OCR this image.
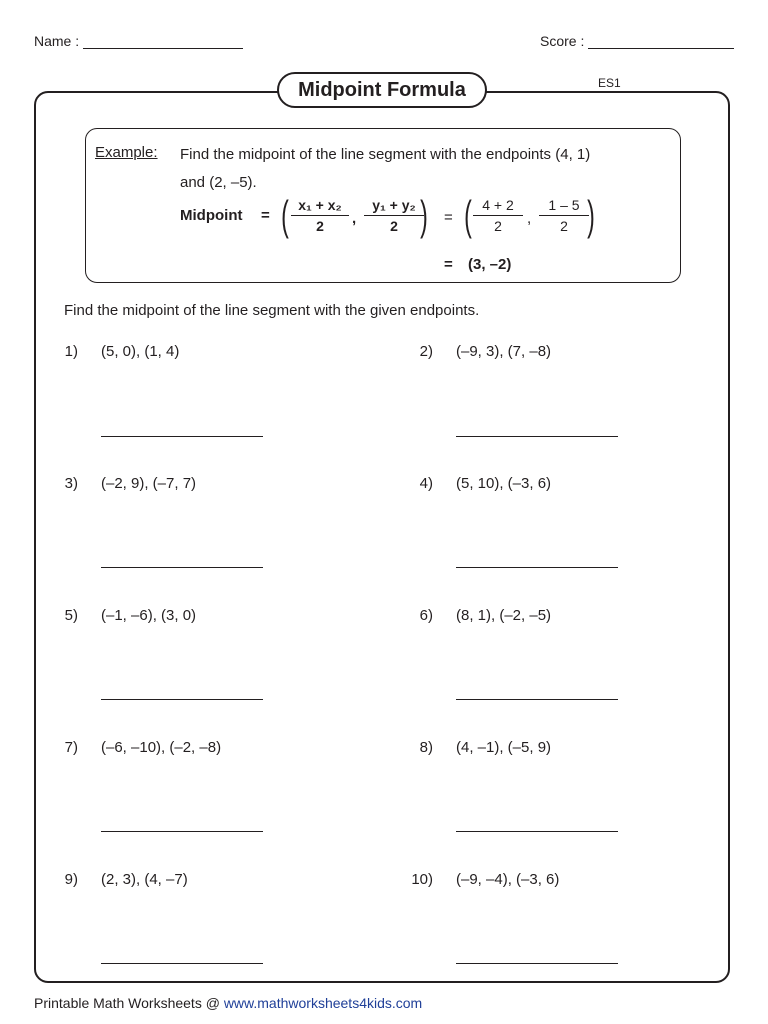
Name :	Score :
Midpoint Formula	ES1
Example: Find the midpoint of the line segment with the endpoints (4, 1)
and (2, –5).
Midpoint = ( x₁ + x₂
2	,
y₁ + y₂
2 ) = ( 4 + 2
2	,
1 – 5
2 )
= (3, –2)
Find the midpoint of the line segment with the given endpoints.
Printable Math Worksheets @ www.mathworksheets4kids.com
1) (5, 0), (1, 4)	2) (–9, 3), (7, –8)
3) (–2, 9), (–7, 7)	4) (5, 10), (–3, 6)
5) (–1, –6), (3, 0)	6) (8, 1), (–2, –5)
7) (–6, –10), (–2, –8)	8) (4, –1), (–5, 9)
9) (2, 3), (4, –7)	10) (–9, –4), (–3, 6)
